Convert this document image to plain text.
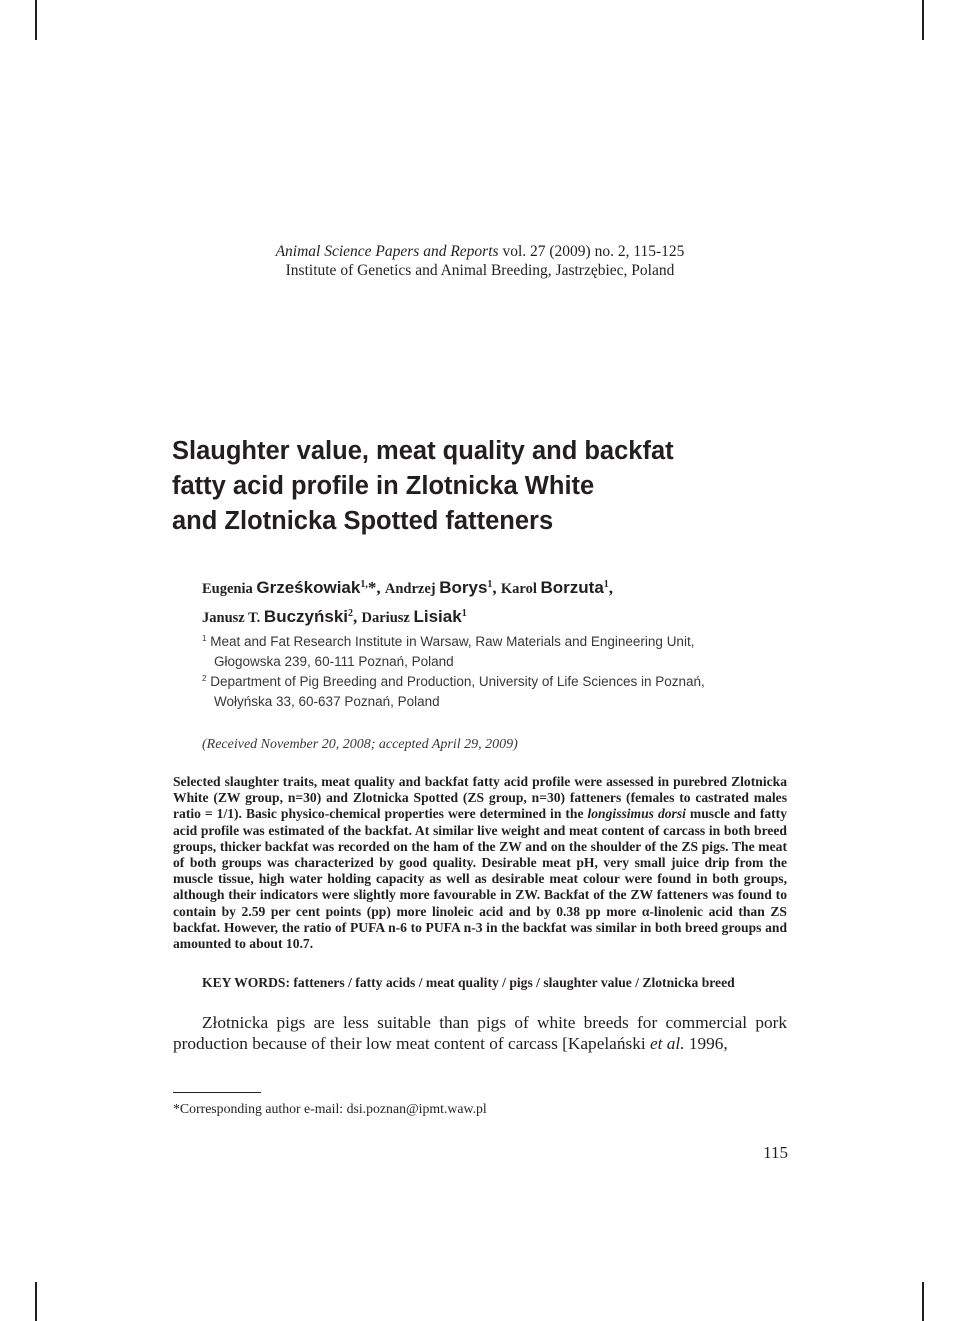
Animal Science Papers and Reports vol. 27 (2009) no. 2, 115-125
Institute of Genetics and Animal Breeding, Jastrzębiec, Poland
Slaughter value, meat quality and backfat
fatty acid profile in Zlotnicka White
and Zlotnicka Spotted fatteners
Eugenia Grześkowiak$^{1,}$*, Andrzej Borys$^1$, Karol Borzuta$^1$,
Janusz T. Buczyński$^2$, Dariusz Lisiak$^1$
$^1$ Meat and Fat Research Institute in Warsaw, Raw Materials and Engineering Unit,
Głogowska 239, 60-111 Poznań, Poland
$^2$ Department of Pig Breeding and Production, University of Life Sciences in Poznań,
Wołyńska 33, 60-637 Poznań, Poland
(Received November 20, 2008; accepted April 29, 2009)

Selected slaughter traits, meat quality and backfat fatty acid profile were assessed in purebred Zlotnicka White (ZW group, n=30) and Zlotnicka Spotted (ZS group, n=30) fatteners (females to castrated males ratio = 1/1). Basic physico-chemical properties were determined in the longissimus dorsi muscle and fatty acid profile was estimated of the backfat. At similar live weight and meat content of carcass in both breed groups, thicker backfat was recorded on the ham of the ZW and on the shoulder of the ZS pigs. The meat of both groups was characterized by good quality. Desirable meat pH, very small juice drip from the muscle tissue, high water holding capacity as well as desirable meat colour were found in both groups, although their indicators were slightly more favourable in ZW. Backfat of the ZW fatteners was found to contain by 2.59 per cent points (pp) more linoleic acid and by 0.38 pp more α-linolenic acid than ZS backfat. However, the ratio of PUFA n-6 to PUFA n-3 in the backfat was similar in both breed groups and amounted to about 10.7.

KEY WORDS: fatteners / fatty acids / meat quality / pigs / slaughter value / Zlotnicka breed

Złotnicka pigs are less suitable than pigs of white breeds for commercial pork production because of their low meat content of carcass [Kapelański et al. 1996,

*Corresponding author e-mail: dsi.poznan@ipmt.waw.pl
115
